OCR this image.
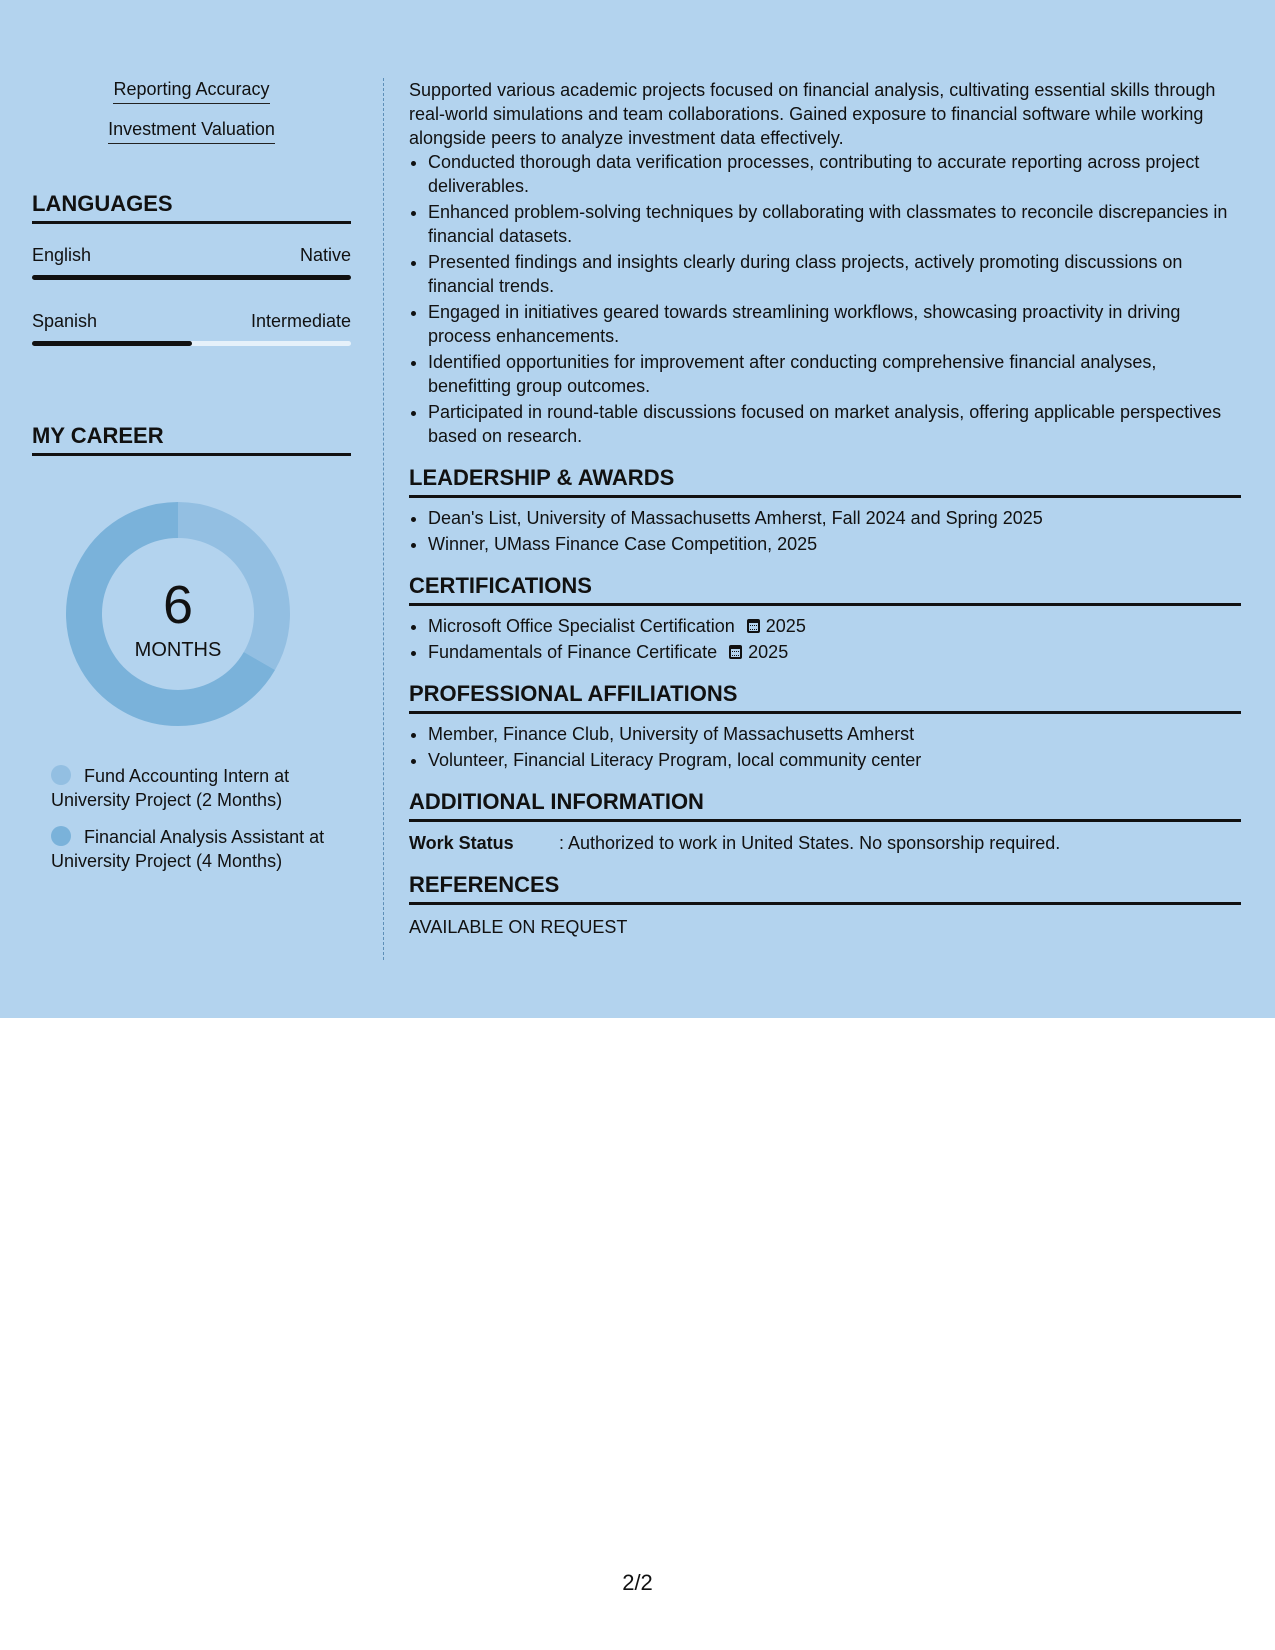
Reporting Accuracy
Investment Valuation
LANGUAGES
English	Native
Spanish	Intermediate
MY CAREER
6
MONTHS
Fund Accounting Intern at University Project (2 Months)
Financial Analysis Assistant at University Project (4 Months)

Supported various academic projects focused on financial analysis, cultivating essential skills through real-world simulations and team collaborations. Gained exposure to financial software while working alongside peers to analyze investment data effectively.

• Conducted thorough data verification processes, contributing to accurate reporting across project deliverables.
• Enhanced problem-solving techniques by collaborating with classmates to reconcile discrepancies in financial datasets.
• Presented findings and insights clearly during class projects, actively promoting discussions on financial trends.
• Engaged in initiatives geared towards streamlining workflows, showcasing proactivity in driving process enhancements.
• Identified opportunities for improvement after conducting comprehensive financial analyses, benefitting group outcomes.
• Participated in round-table discussions focused on market analysis, offering applicable perspectives based on research.
LEADERSHIP & AWARDS
• Dean's List, University of Massachusetts Amherst, Fall 2024 and Spring 2025
• Winner, UMass Finance Case Competition, 2025
CERTIFICATIONS
• Microsoft Office Specialist Certification 2025
• Fundamentals of Finance Certificate 2025
PROFESSIONAL AFFILIATIONS
• Member, Finance Club, University of Massachusetts Amherst
• Volunteer, Financial Literacy Program, local community center
ADDITIONAL INFORMATION
Work Status	: Authorized to work in United States. No sponsorship required.
REFERENCES
AVAILABLE ON REQUEST
2/2
